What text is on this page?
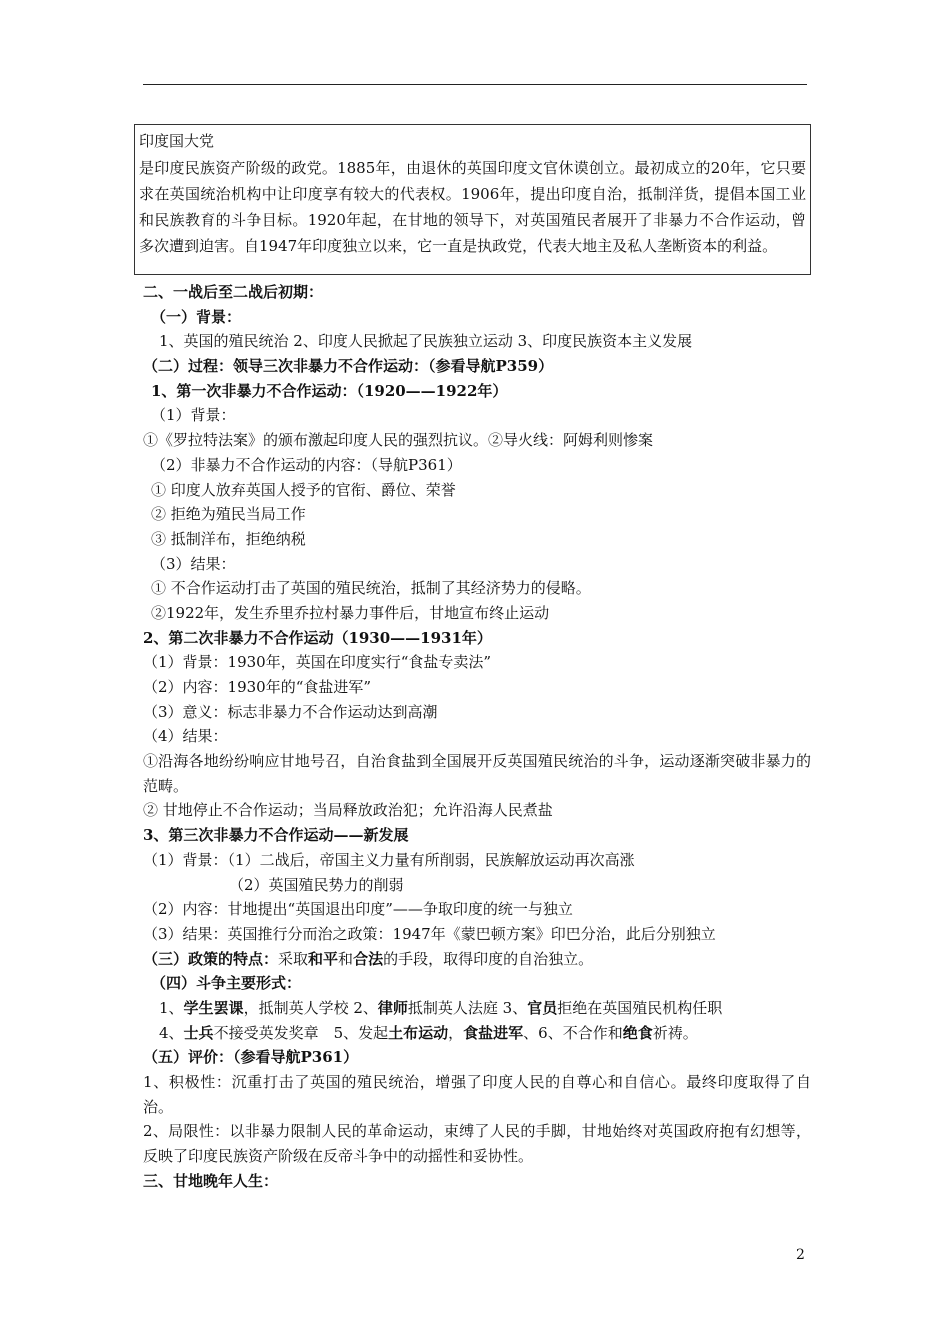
印度国大党
是印度民族资产阶级的政党。1885年，由退休的英国印度文官休谟创立。最初成立的20年，它只要求在英国统治机构中让印度享有较大的代表权。1906年，提出印度自治，抵制洋货，提倡本国工业和民族教育的斗争目标。1920年起，在甘地的领导下，对英国殖民者展开了非暴力不合作运动，曾多次遭到迫害。自1947年印度独立以来，它一直是执政党，代表大地主及私人垄断资本的利益。
二、一战后至二战后初期：
（一）背景：
1、英国的殖民统治 2、印度人民掀起了民族独立运动 3、印度民族资本主义发展
（二）过程：领导三次非暴力不合作运动：（参看导航P359）
1、第一次非暴力不合作运动：（1920——1922年）
（1）背景：
①《罗拉特法案》的颁布激起印度人民的强烈抗议。②导火线：阿姆利则惨案
（2）非暴力不合作运动的内容：（导航P361）
① 印度人放弃英国人授予的官衔、爵位、荣誉
② 拒绝为殖民当局工作
③ 抵制洋布，拒绝纳税
（3）结果：
① 不合作运动打击了英国的殖民统治，抵制了其经济势力的侵略。
②1922年，发生乔里乔拉村暴力事件后，甘地宣布终止运动
2、第二次非暴力不合作运动（1930——1931年）
（1）背景：1930年，英国在印度实行“食盐专卖法”
（2）内容：1930年的“食盐进军”
（3）意义：标志非暴力不合作运动达到高潮
（4）结果：
①沿海各地纷纷响应甘地号召，自治食盐到全国展开反英国殖民统治的斗争，运动逐渐突破非暴力的范畴。
② 甘地停止不合作运动；当局释放政治犯；允许沿海人民煮盐
3、第三次非暴力不合作运动——新发展
（1）背景：（1）二战后，帝国主义力量有所削弱，民族解放运动再次高涨
（2）英国殖民势力的削弱
（2）内容：甘地提出“英国退出印度”——争取印度的统一与独立
（3）结果：英国推行分而治之政策：1947年《蒙巴顿方案》印巴分治，此后分别独立
（三）政策的特点：采取和平和合法的手段，取得印度的自治独立。
（四）斗争主要形式：
1、学生罢课，抵制英人学校 2、律师抵制英人法庭 3、官员拒绝在英国殖民机构任职
4、士兵不接受英发奖章　5、发起土布运动，食盐进军、6、不合作和绝食祈祷。
（五）评价：（参看导航P361）
1、积极性：沉重打击了英国的殖民统治，增强了印度人民的自尊心和自信心。最终印度取得了自治。
2、局限性：以非暴力限制人民的革命运动，束缚了人民的手脚，甘地始终对英国政府抱有幻想等，反映了印度民族资产阶级在反帝斗争中的动摇性和妥协性。
三、甘地晚年人生：
2
